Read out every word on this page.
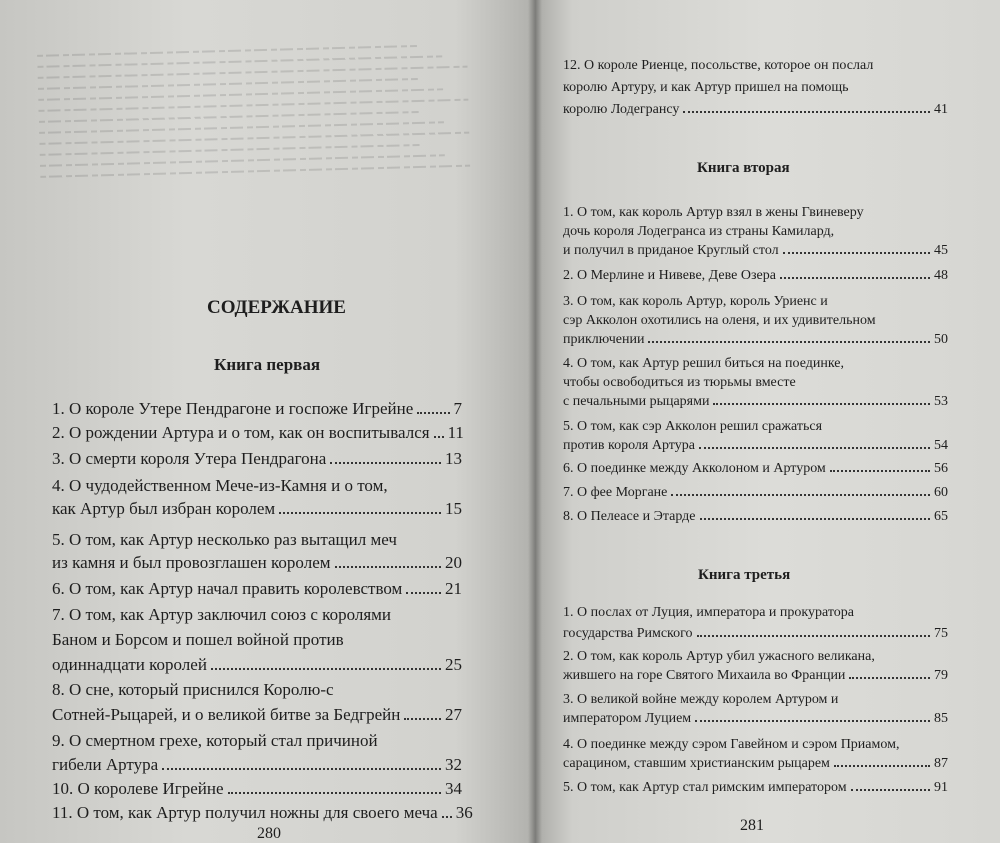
СОДЕРЖАНИЕ
Книга первая
1. О короле Утере Пендрагоне и госпоже Игрейне 7
2. О рождении Артура и о том, как он воспитывался 11
3. О смерти короля Утера Пендрагона	13
4. О чудодейственном Мече-из-Камня и о том,
как Артур был избран королем	15
5. О том, как Артур несколько раз вытащил меч
из камня и был провозглашен королем	20
6. О том, как Артур начал править королевством	21
7. О том, как Артур заключил союз с королями
Баном и Борсом и пошел войной против
одиннадцати королей	25
8. О сне, который приснился Королю-с
Сотней-Рыцарей, и о великой битве за Бедгрейн	27
9. О смертном грехе, который стал причиной
гибели Артура	32
10. О королеве Игрейне	34
11. О том, как Артур получил ножны для своего меча 36
280
12. О короле Риенце, посольстве, которое он послал
королю Артуру, и как Артур пришел на помощь
королю Лодегрансу	41
Книга вторая
1. О том, как король Артур взял в жены Гвиневеру
дочь короля Лодегранса из страны Камилард,
и получил в приданое Круглый стол	45
2. О Мерлине и Нивеве, Деве Озера	48
3. О том, как король Артур, король Уриенс и
сэр Акколон охотились на оленя, и их удивительном
приключении	50
4. О том, как Артур решил биться на поединке,
чтобы освободиться из тюрьмы вместе
с печальными рыцарями	53
5. О том, как сэр Акколон решил сражаться
против короля Артура	54
6. О поединке между Акколоном и Артуром	56
7. О фее Моргане	60
8. О Пелеасе и Этарде	65
Книга третья
1. О послах от Луция, императора и прокуратора
государства Римского	75
2. О том, как король Артур убил ужасного великана,
жившего на горе Святого Михаила во Франции	79
3. О великой войне между королем Артуром и
императором Луцием	85
4. О поединке между сэром Гавейном и сэром Приамом,
сарацином, ставшим христианским рыцарем	87
5. О том, как Артур стал римским императором	91
281
